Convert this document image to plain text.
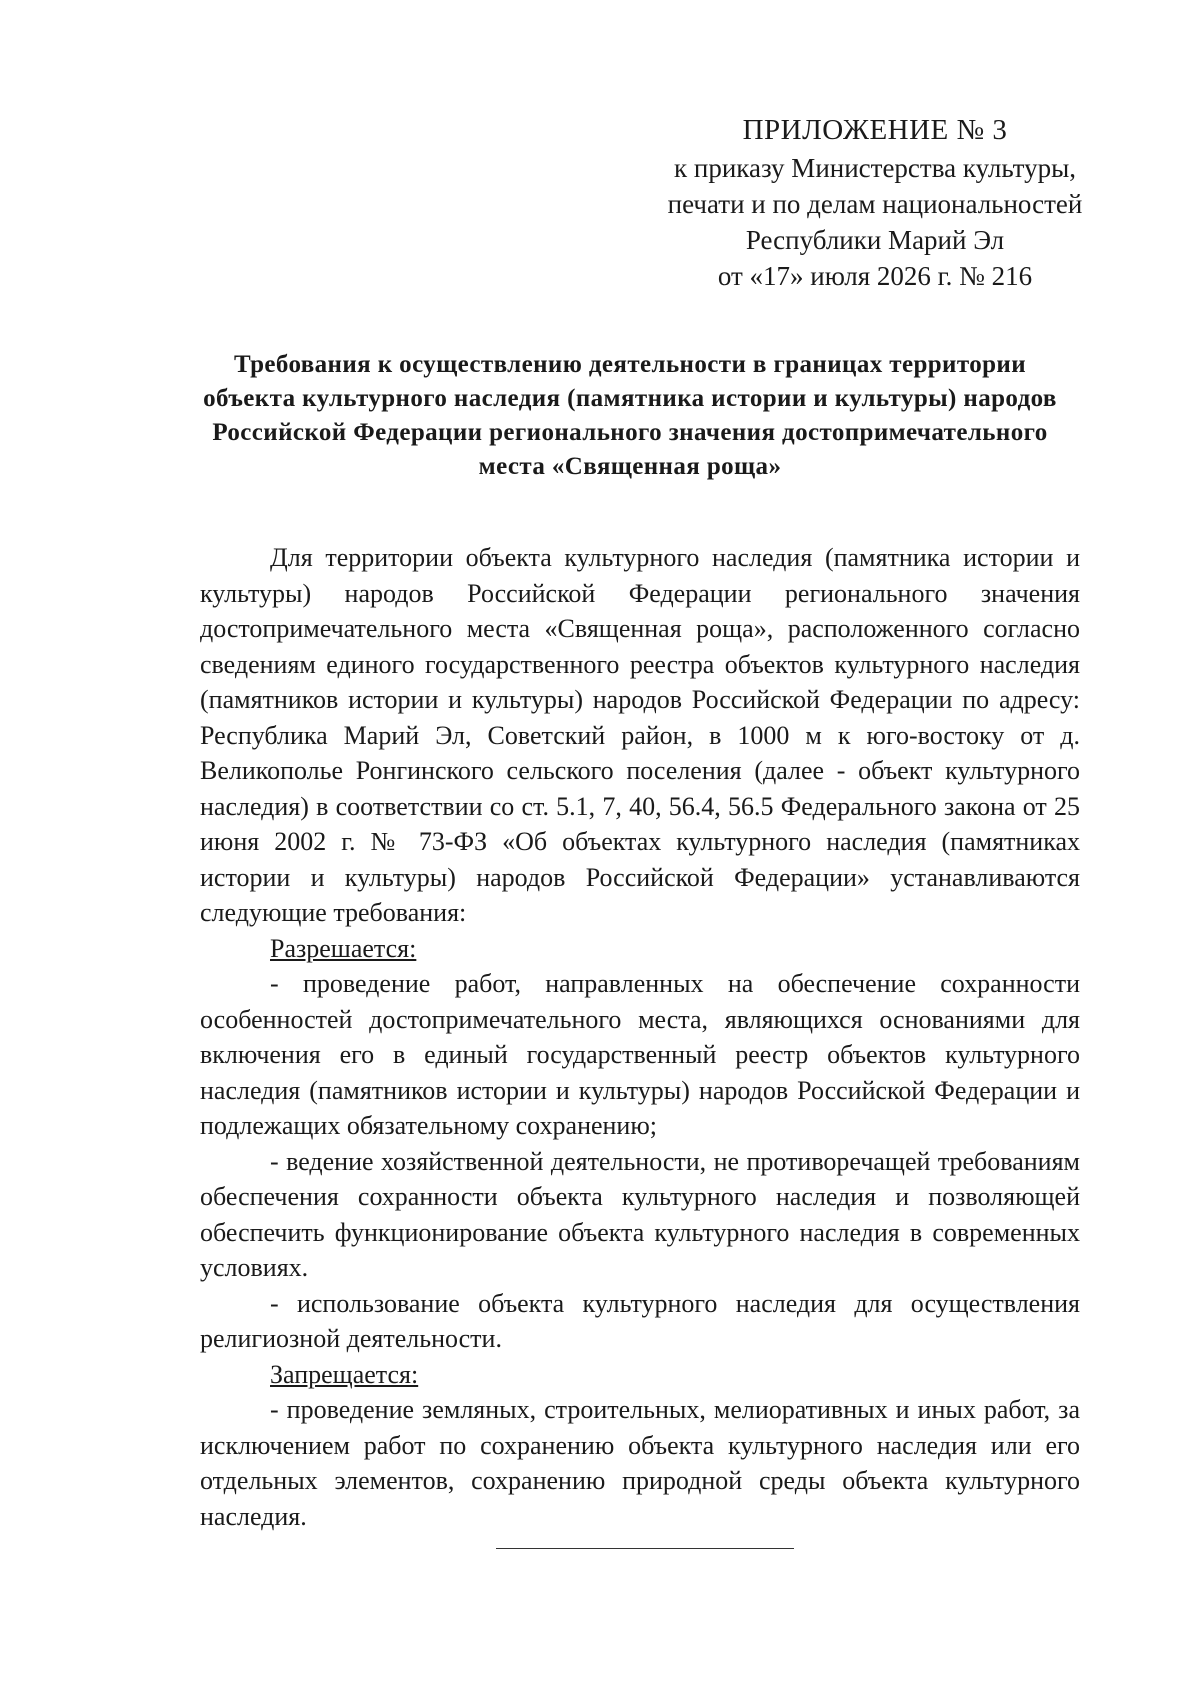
ПРИЛОЖЕНИЕ № 3
к приказу Министерства культуры,
печати и по делам национальностей
Республики Марий Эл
от «17» июля 2026 г. № 216
Требования к осуществлению деятельности в границах территории объекта культурного наследия (памятника истории и культуры) народов Российской Федерации регионального значения достопримечательного места «Священная роща»

Для территории объекта культурного наследия (памятника истории и культуры) народов Российской Федерации регионального значения достопримечательного места «Священная роща», расположенного согласно сведениям единого государственного реестра объектов культурного наследия (памятников истории и культуры) народов Российской Федерации по адресу: Республика Марий Эл, Советский район, в 1000 м к юго-востоку от д. Великополье Ронгинского сельского поселения (далее - объект культурного наследия) в соответствии со ст. 5.1, 7, 40, 56.4, 56.5 Федерального закона от 25 июня 2002 г. № 73-ФЗ «Об объектах культурного наследия (памятниках истории и культуры) народов Российской Федерации» устанавливаются следующие требования:

Разрешается:

- проведение работ, направленных на обеспечение сохранности особенностей достопримечательного места, являющихся основаниями для включения его в единый государственный реестр объектов культурного наследия (памятников истории и культуры) народов Российской Федерации и подлежащих обязательному сохранению;

- ведение хозяйственной деятельности, не противоречащей требованиям обеспечения сохранности объекта культурного наследия и позволяющей обеспечить функционирование объекта культурного наследия в современных условиях.

- использование объекта культурного наследия для осуществления религиозной деятельности.

Запрещается:

- проведение земляных, строительных, мелиоративных и иных работ, за исключением работ по сохранению объекта культурного наследия или его отдельных элементов, сохранению природной среды объекта культурного наследия.
